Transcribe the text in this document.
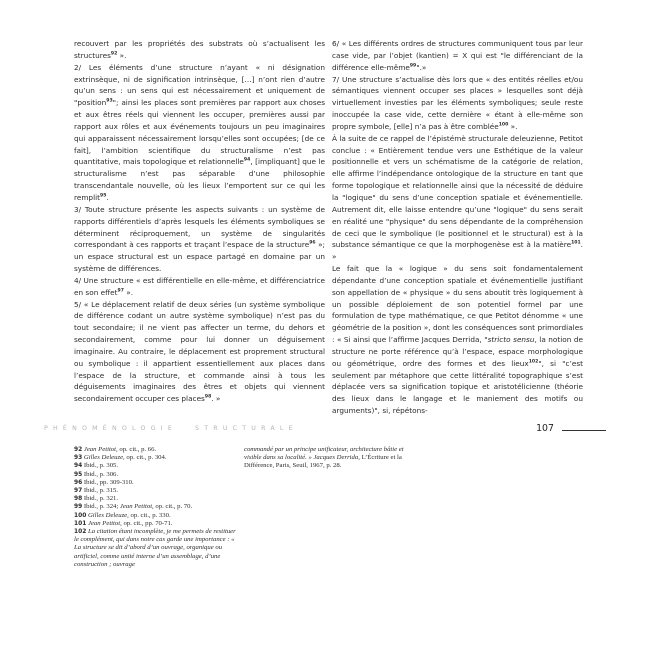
recouvert par les propriétés des substrats où s’actualisent les structures$^{92}$ ».

2/ Les éléments d’une structure n’ayant « ni désignation extrinsèque, ni de signification intrinsèque, […] n’ont rien d’autre qu’un sens : un sens qui est nécessairement et uniquement de "position$^{93}$"; ainsi les places sont premières par rapport aux choses et aux êtres réels qui viennent les occuper, premières aussi par rapport aux rôles et aux événements toujours un peu imaginaires qui apparaissent nécessairement lorsqu’elles sont occupées; [de ce fait], l’ambition scientifique du structuralisme n’est pas quantitative, mais topologique et relationnelle$^{94}$, [impliquant] que le structuralisme n’est pas séparable d’une philosophie transcendantale nouvelle, où les lieux l’emportent sur ce qui les remplit$^{95}$.

3/ Toute structure présente les aspects suivants : un système de rapports différentiels d’après lesquels les éléments symboliques se déterminent réciproquement, un système de singularités correspondant à ces rapports et traçant l’espace de la structure$^{96}$ »; un espace structural est un espace partagé en domaine par un système de différences.

4/ Une structure « est différentielle en elle-même, et différenciatrice en son effet$^{97}$ ».

5/ « Le déplacement relatif de deux séries (un système symbolique de différence codant un autre système symbolique) n’est pas du tout secondaire; il ne vient pas affecter un terme, du dehors et secondairement, comme pour lui donner un déguisement imaginaire. Au contraire, le déplacement est proprement structural ou symbolique : il appartient essentiellement aux places dans l’espace de la structure, et commande ainsi à tous les déguisements imaginaires des êtres et objets qui viennent secondairement occuper ces places$^{98}$. »

6/ « Les différents ordres de structures communiquent tous par leur case vide, par l’objet (kantien) = X qui est "le différenciant de la différence elle-même$^{99}$".»

7/ Une structure s’actualise dès lors que « des entités réelles et/ou sémantiques viennent occuper ses places » lesquelles sont déjà virtuellement investies par les éléments symboliques; seule reste inoccupée la case vide, cette dernière « étant à elle-même son propre symbole, [elle] n’a pas à être comblée$^{100}$ ».

À la suite de ce rappel de l’épistémè structurale deleuzienne, Petitot conclue : « Entièrement tendue vers une Esthétique de la valeur positionnelle et vers un schématisme de la catégorie de relation, elle affirme l’indépendance ontologique de la structure en tant que forme topologique et relationnelle ainsi que la nécessité de déduire la "logique" du sens d’une conception spatiale et événementielle. Autrement dit, elle laisse entendre qu’une "logique" du sens serait en réalité une "physique" du sens dépendante de la compréhension de ceci que le symbolique (le positionnel et le structural) est à la substance sémantique ce que la morphogenèse est à la matière$^{101}$. »

Le fait que la « logique » du sens soit fondamentalement dépendante d’une conception spatiale et événementielle justifiant son appellation de « physique » du sens aboutit très logiquement à un possible déploiement de son potentiel formel par une formulation de type mathématique, ce que Petitot dénomme « une géométrie de la position », dont les conséquences sont primordiales : « Si ainsi que l’affirme Jacques Derrida, "stricto sensu, la notion de structure ne porte référence qu’à l’espace, espace morphologique ou géométrique, ordre des formes et des lieux$^{102}$", si "c’est seulement par métaphore que cette littéralité topographique s’est déplacée vers sa signification topique et aristotélicienne (théorie des lieux dans le langage et le maniement des motifs ou arguments)", si, répétons-

PHÉNOMÉNOLOGIE	STRUCTURALE	107
92 Jean Petitot, op. cit., p. 66.
93 Gilles Deleuze, op. cit., p. 304.
94 Ibid., p. 305.
95 Ibid., p. 306.
96 Ibid., pp. 309-310.
97 Ibid., p. 315.
98 Ibid., p. 321.
99 Ibid., p. 324; Jean Petitot, op. cit., p. 70.
100 Gilles Deleuze, op. cit., p. 330.
101 Jean Petitot, op. cit., pp. 70-71.
102 La citation étant incomplète, je me permets de restituer le complément, qui dans notre cas garde une importance : « La structure se dit d’abord d’un ouvrage, organique ou artificiel, comme unité interne d’un assemblage, d’une construction ; ouvrage
commandé par un principe unificateur, architecture bâtie et visible dans sa localité. » Jacques Derrida, L’Écriture et la Différence, Paris, Seuil, 1967, p. 28.
